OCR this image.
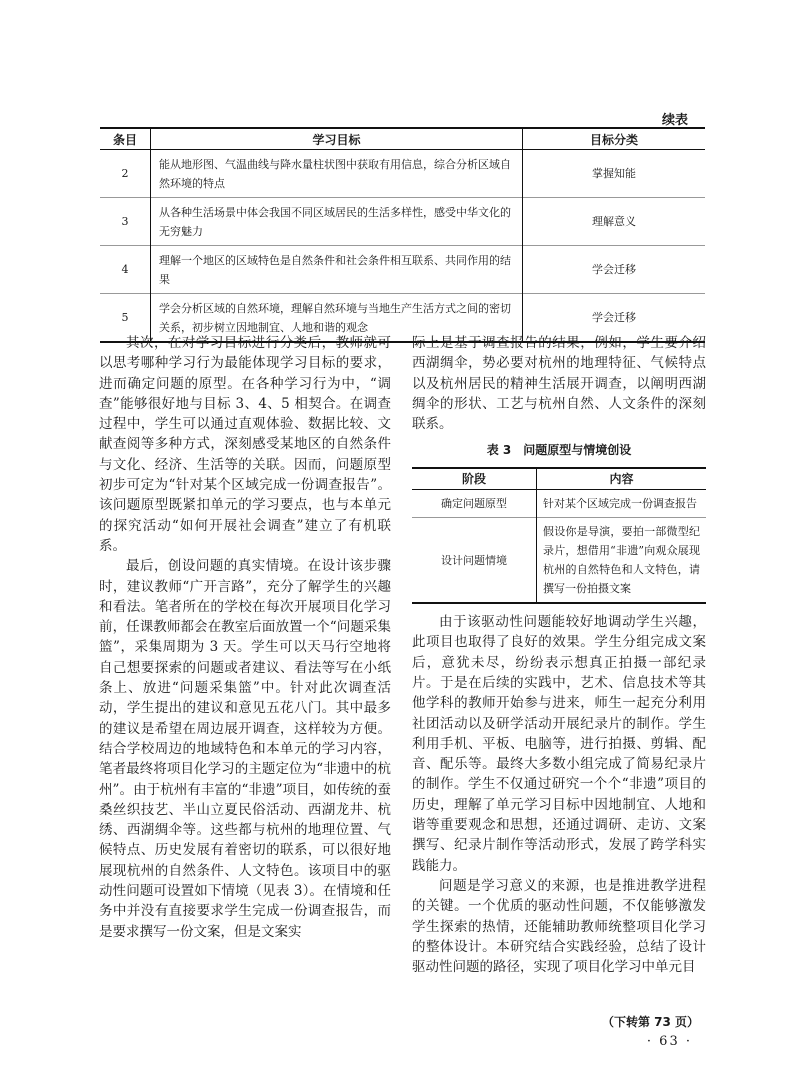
续表
条目	学习目标	目标分类
2	能从地形图、气温曲线与降水量柱状图中获取有用信息，综合分析区域自然环境的特点	掌握知能
3	从各种生活场景中体会我国不同区域居民的生活多样性，感受中华文化的无穷魅力	理解意义
4	理解一个地区的区域特色是自然条件和社会条件相互联系、共同作用的结果	学会迁移
5	学会分析区域的自然环境，理解自然环境与当地生产生活方式之间的密切关系，初步树立因地制宜、人地和谐的观念	学会迁移

其次，在对学习目标进行分类后，教师就可以思考哪种学习行为最能体现学习目标的要求，进而确定问题的原型。在各种学习行为中，“调查”能够很好地与目标 3、4、5 相契合。在调查过程中，学生可以通过直观体验、数据比较、文献查阅等多种方式，深刻感受某地区的自然条件与文化、经济、生活等的关联。因而，问题原型初步可定为“针对某个区域完成一份调查报告”。该问题原型既紧扣单元的学习要点，也与本单元的探究活动“如何开展社会调查”建立了有机联系。

最后，创设问题的真实情境。在设计该步骤时，建议教师“广开言路”，充分了解学生的兴趣和看法。笔者所在的学校在每次开展项目化学习前，任课教师都会在教室后面放置一个“问题采集篮”，采集周期为 3 天。学生可以天马行空地将自己想要探索的问题或者建议、看法等写在小纸条上、放进“问题采集篮”中。针对此次调查活动，学生提出的建议和意见五花八门。其中最多的建议是希望在周边展开调查，这样较为方便。结合学校周边的地域特色和本单元的学习内容，笔者最终将项目化学习的主题定位为“非遗中的杭州”。由于杭州有丰富的“非遗”项目，如传统的蚕桑丝织技艺、半山立夏民俗活动、西湖龙井、杭绣、西湖绸伞等。这些都与杭州的地理位置、气候特点、历史发展有着密切的联系，可以很好地展现杭州的自然条件、人文特色。该项目中的驱动性问题可设置如下情境（见表 3）。在情境和任务中并没有直接要求学生完成一份调查报告，而是要求撰写一份文案，但是文案实

际上是基于调查报告的结果，例如，学生要介绍西湖绸伞，势必要对杭州的地理特征、气候特点以及杭州居民的精神生活展开调查，以阐明西湖绸伞的形状、工艺与杭州自然、人文条件的深刻联系。

表 3　问题原型与情境创设
阶段	内容
确定问题原型	针对某个区域完成一份调查报告
设计问题情境	假设你是导演，要拍一部微型纪录片，想借用“非遗”向观众展现杭州的自然特色和人文特色，请撰写一份拍摄文案

由于该驱动性问题能较好地调动学生兴趣，此项目也取得了良好的效果。学生分组完成文案后，意犹未尽，纷纷表示想真正拍摄一部纪录片。于是在后续的实践中，艺术、信息技术等其他学科的教师开始参与进来，师生一起充分利用社团活动以及研学活动开展纪录片的制作。学生利用手机、平板、电脑等，进行拍摄、剪辑、配音、配乐等。最终大多数小组完成了简易纪录片的制作。学生不仅通过研究一个个“非遗”项目的历史，理解了单元学习目标中因地制宜、人地和谐等重要观念和思想，还通过调研、走访、文案撰写、纪录片制作等活动形式，发展了跨学科实践能力。

问题是学习意义的来源，也是推进教学进程的关键。一个优质的驱动性问题，不仅能够激发学生探索的热情，还能辅助教师统整项目化学习的整体设计。本研究结合实践经验，总结了设计驱动性问题的路径，实现了项目化学习中单元目

（下转第 73 页）
· 63 ·
